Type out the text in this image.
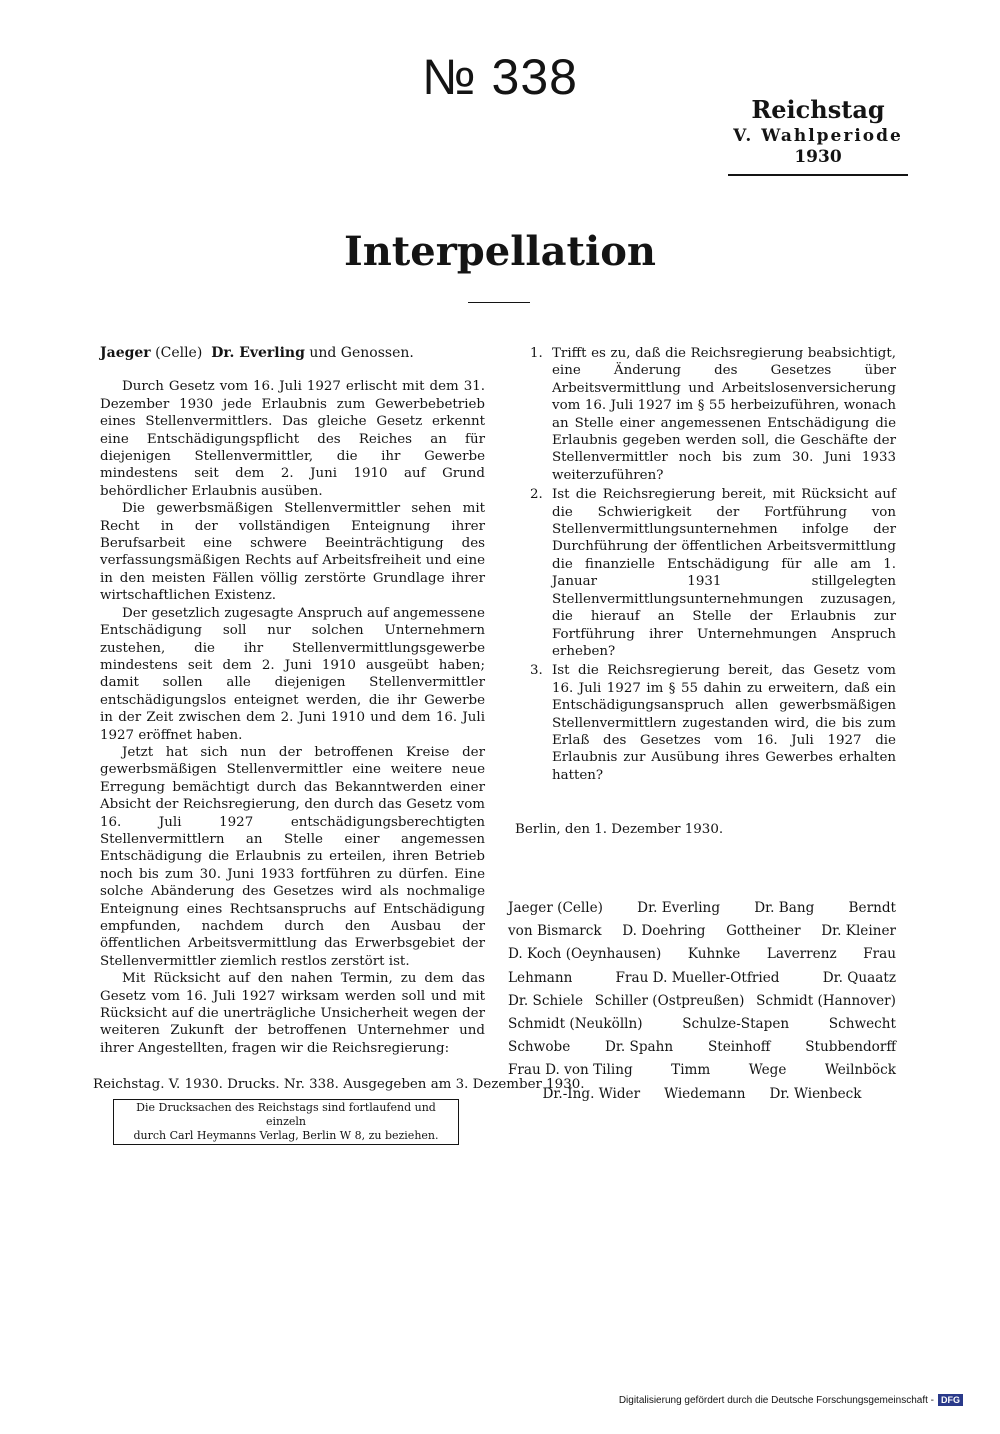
№ 338
Reichstag
V. Wahlperiode
1930
Interpellation
Jaeger (Celle) Dr. Everling und Genossen.

Durch Gesetz vom 16. Juli 1927 erlischt mit dem 31. Dezember 1930 jede Erlaubnis zum Gewerbebetrieb eines Stellenvermittlers. Das gleiche Gesetz erkennt eine Entschädigungspflicht des Reiches an für diejenigen Stellenvermittler, die ihr Gewerbe mindestens seit dem 2. Juni 1910 auf Grund behördlicher Erlaubnis ausüben.

Die gewerbsmäßigen Stellenvermittler sehen mit Recht in der vollständigen Enteignung ihrer Berufsarbeit eine schwere Beeinträchtigung des verfassungsmäßigen Rechts auf Arbeitsfreiheit und eine in den meisten Fällen völlig zerstörte Grundlage ihrer wirtschaftlichen Existenz.

Der gesetzlich zugesagte Anspruch auf angemessene Entschädigung soll nur solchen Unternehmern zustehen, die ihr Stellenvermittlungsgewerbe mindestens seit dem 2. Juni 1910 ausgeübt haben; damit sollen alle diejenigen Stellenvermittler entschädigungslos enteignet werden, die ihr Gewerbe in der Zeit zwischen dem 2. Juni 1910 und dem 16. Juli 1927 eröffnet haben.

Jetzt hat sich nun der betroffenen Kreise der gewerbsmäßigen Stellenvermittler eine weitere neue Erregung bemächtigt durch das Bekanntwerden einer Absicht der Reichsregierung, den durch das Gesetz vom 16. Juli 1927 entschädigungsberechtigten Stellenvermittlern an Stelle einer angemessen Entschädigung die Erlaubnis zu erteilen, ihren Betrieb noch bis zum 30. Juni 1933 fortführen zu dürfen. Eine solche Abänderung des Gesetzes wird als nochmalige Enteignung eines Rechtsanspruchs auf Entschädigung empfunden, nachdem durch den Ausbau der öffentlichen Arbeitsvermittlung das Erwerbsgebiet der Stellenvermittler ziemlich restlos zerstört ist.

Mit Rücksicht auf den nahen Termin, zu dem das Gesetz vom 16. Juli 1927 wirksam werden soll und mit Rücksicht auf die unerträgliche Unsicherheit wegen der weiteren Zukunft der betroffenen Unternehmer und ihrer Angestellten, fragen wir die Reichsregierung:

1. Trifft es zu, daß die Reichsregierung beabsichtigt, eine Änderung des Gesetzes über Arbeitsvermittlung und Arbeitslosenversicherung vom 16. Juli 1927 im § 55 herbeizuführen, wonach an Stelle einer angemessenen Entschädigung die Erlaubnis gegeben werden soll, die Geschäfte der Stellenvermittler noch bis zum 30. Juni 1933 weiterzuführen?
2. Ist die Reichsregierung bereit, mit Rücksicht auf die Schwierigkeit der Fortführung von Stellenvermittlungsunternehmen infolge der Durchführung der öffentlichen Arbeitsvermittlung die finanzielle Entschädigung für alle am 1. Januar 1931 stillgelegten Stellenvermittlungsunternehmungen zuzusagen, die hierauf an Stelle der Erlaubnis zur Fortführung ihrer Unternehmungen Anspruch erheben?
3. Ist die Reichsregierung bereit, das Gesetz vom 16. Juli 1927 im § 55 dahin zu erweitern, daß ein Entschädigungsanspruch allen gewerbsmäßigen Stellenvermittlern zugestanden wird, die bis zum Erlaß des Gesetzes vom 16. Juli 1927 die Erlaubnis zur Ausübung ihres Gewerbes erhalten hatten?
Berlin, den 1. Dezember 1930.
Jaeger (Celle)	Dr. Everling	Dr. Bang	Berndt
von Bismarck D. Doehring Gottheiner Dr. Kleiner
D. Koch (Oeynhausen) Kuhnke Laverrenz Frau
Lehmann	Frau D. Mueller-Otfried	Dr. Quaatz
Dr. Schiele Schiller (Ostpreußen) Schmidt (Hannover)
Schmidt (Neukölln)	Schulze-Stapen	Schwecht
Schwobe	Dr. Spahn	Steinhoff	Stubbendorff
Frau D. von Tiling	Timm	Wege	Weilnböck
Dr.-Ing. Wider Wiedemann Dr. Wienbeck
Reichstag. V. 1930. Drucks. Nr. 338. Ausgegeben am 3. Dezember 1930.
Die Drucksachen des Reichstags sind fortlaufend und einzeln
durch Carl Heymanns Verlag, Berlin W 8, zu beziehen.
Digitalisierung gefördert durch die Deutsche Forschungsgemeinschaft - DFG
